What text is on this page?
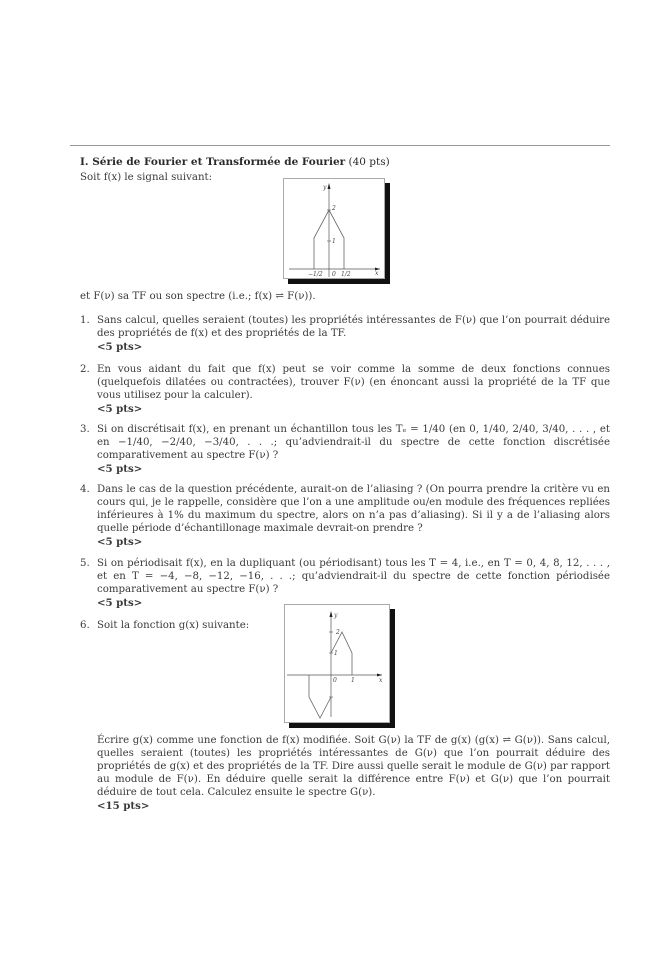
I. Série de Fourier et Transformée de Fourier (40 pts)
Soit f(x) le signal suivant:
y
x
2
1
−1/2 0 1/2
et F(ν) sa TF ou son spectre (i.e.; f(x) ⇌ F(ν)).
1. Sans calcul, quelles seraient (toutes) les propriétés intéressantes de F(ν) que l’on pourrait déduire des propriétés de f(x) et des propriétés de la TF.
<5 pts>
2. En vous aidant du fait que f(x) peut se voir comme la somme de deux fonctions connues (quelquefois dilatées ou contractées), trouver F(ν) (en énoncant aussi la propriété de la TF que vous utilisez pour la calculer).
<5 pts>
3. Si on discrétisait f(x), en prenant un échantillon tous les Tₑ = 1/40 (en 0, 1/40, 2/40, 3/40, . . . , et en −1/40, −2/40, −3/40, . . .; qu’adviendrait-il du spectre de cette fonction discrétisée comparativement au spectre F(ν) ?
<5 pts>
4. Dans le cas de la question précédente, aurait-on de l’aliasing ? (On pourra prendre la critère vu en cours qui, je le rappelle, considère que l’on a une amplitude ou/en module des fréquences repliées inférieures à 1% du maximum du spectre, alors on n’a pas d’aliasing). Si il y a de l’aliasing alors quelle période d’échantillonage maximale devrait-on prendre ?
<5 pts>
5. Si on périodisait f(x), en la dupliquant (ou périodisant) tous les T = 4, i.e., en T = 0, 4, 8, 12, . . . , et en T = −4, −8, −12, −16, . . .; qu’adviendrait-il du spectre de cette fonction périodisée comparativement au spectre F(ν) ?
<5 pts>
6. Soit la fonction g(x) suivante:
y
x
2
1
0 1
Écrire g(x) comme une fonction de f(x) modifiée. Soit G(ν) la TF de g(x) (g(x) ⇌ G(ν)). Sans calcul, quelles seraient (toutes) les propriétés intéressantes de G(ν) que l’on pourrait déduire des propriétés de g(x) et des propriétés de la TF. Dire aussi quelle serait le module de G(ν) par rapport au module de F(ν). En déduire quelle serait la différence entre F(ν) et G(ν) que l’on pourrait déduire de tout cela. Calculez ensuite le spectre G(ν).
<15 pts>
